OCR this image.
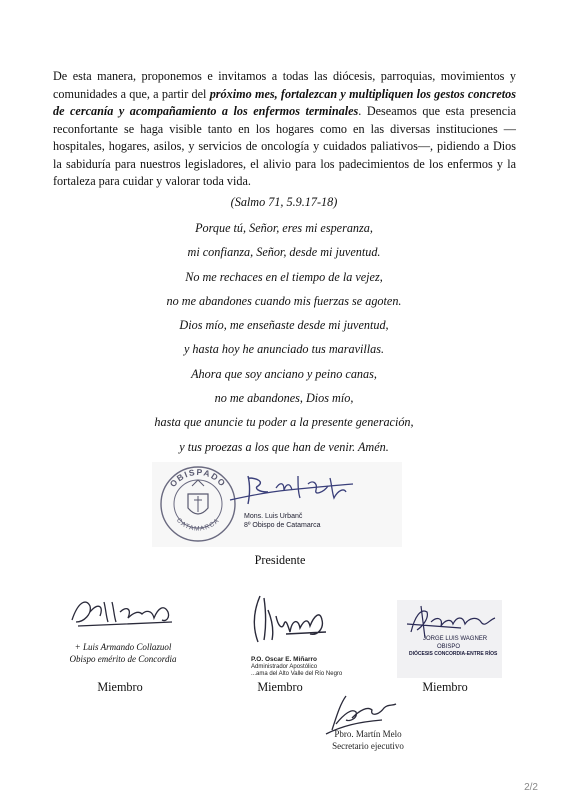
De esta manera, proponemos e invitamos a todas las diócesis, parroquias, movimientos y comunidades a que, a partir del próximo mes, fortalezcan y multipliquen los gestos concretos de cercanía y acompañamiento a los enfermos terminales. Deseamos que esta presencia reconfortante se haga visible tanto en los hogares como en las diversas instituciones — hospitales, hogares, asilos, y servicios de oncología y cuidados paliativos—, pidiendo a Dios la sabiduría para nuestros legisladores, el alivio para los padecimientos de los enfermos y la fortaleza para cuidar y valorar toda vida.

(Salmo 71, 5.9.17-18)
Porque tú, Señor, eres mi esperanza,
mi confianza, Señor, desde mi juventud.
No me rechaces en el tiempo de la vejez,
no me abandones cuando mis fuerzas se agoten.
Dios mío, me enseñaste desde mi juventud,
y hasta hoy he anunciado tus maravillas.
Ahora que soy anciano y peino canas,
no me abandones, Dios mío,
hasta que anuncie tu poder a la presente generación,
y tus proezas a los que han de venir. Amén.
OBISPADO
CATAMARCA
Mons. Luis Urbanč
8º Obispo de Catamarca
Presidente
+ Luis Armando Collazuol
Obispo emérito de Concordia
Miembro
P.O. Oscar E. Miñarro
Administrador Apostólico
...ama del Alto Valle del Río Negro
Miembro
JORGE LUIS WAGNER
OBISPO
DIÓCESIS CONCORDIA-ENTRE RÍOS
Miembro
Pbro. Martín Melo
Secretario ejecutivo
2/2
